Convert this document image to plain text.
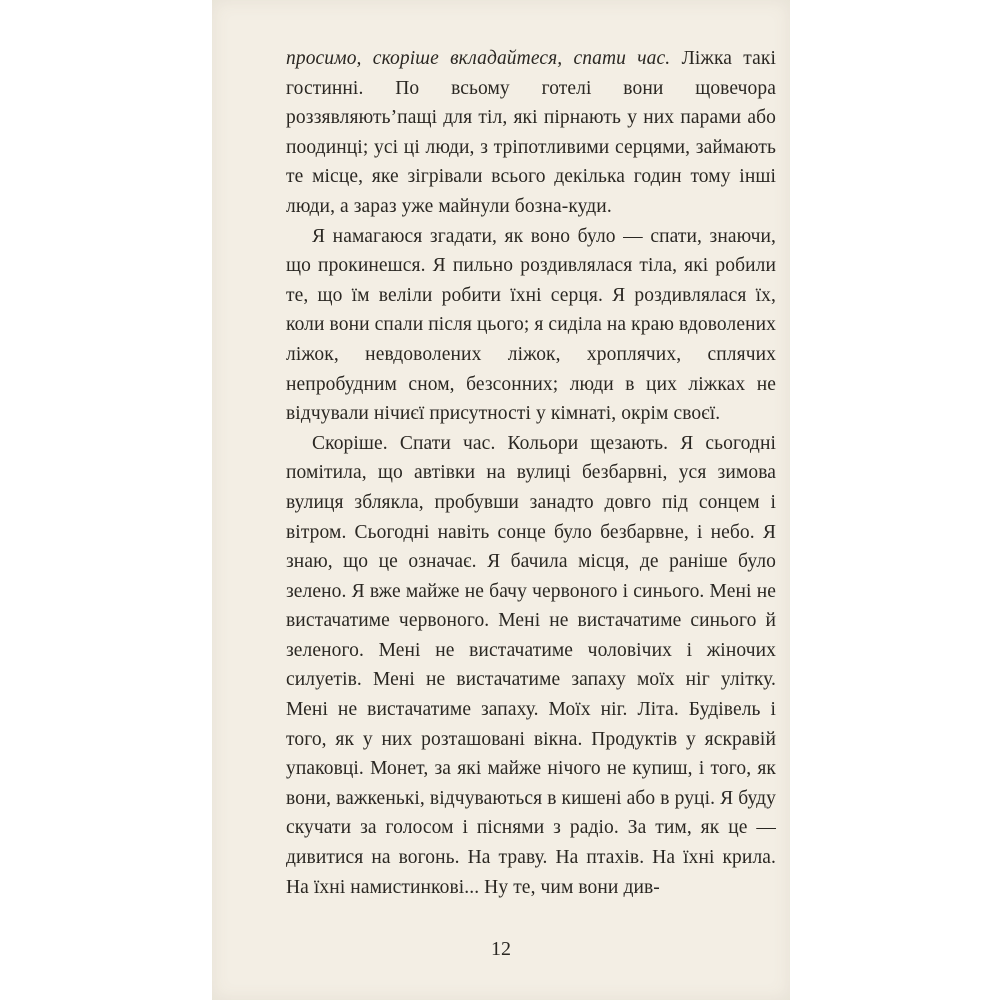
просимо, скоріше вкладайтеся, спати час. Ліжка такі гостинні. По всьому готелі вони щовечора роззявляють’пащі для тіл, які пірнають у них парами або поодинці; усі ці люди, з тріпотливими серцями, займають те місце, яке зігрівали всього декілька годин тому інші люди, а зараз уже майнули бозна-куди.

Я намагаюся згадати, як воно було — спати, знаючи, що прокинешся. Я пильно роздивлялася тіла, які робили те, що їм веліли робити їхні серця. Я роздивлялася їх, коли вони спали після цього; я сиділа на краю вдоволених ліжок, невдоволених ліжок, хроплячих, сплячих непробудним сном, безсонних; люди в цих ліжках не відчували нічиєї присутності у кімнаті, окрім своєї.

Скоріше. Спати час. Кольори щезають. Я сьогодні помітила, що автівки на вулиці безбарвні, уся зимова вулиця зблякла, пробувши занадто довго під сонцем і вітром. Сьогодні навіть сонце було безбарвне, і небо. Я знаю, що це означає. Я бачила місця, де раніше було зелено. Я вже майже не бачу червоного і синього. Мені не вистачатиме червоного. Мені не вистачатиме синього й зеленого. Мені не вистачатиме чоловічих і жіночих силуетів. Мені не вистачатиме запаху моїх ніг улітку. Мені не вистачатиме запаху. Моїх ніг. Літа. Будівель і того, як у них розташовані вікна. Продуктів у яскравій упаковці. Монет, за які майже нічого не купиш, і того, як вони, важкенькі, відчуваються в кишені або в руці. Я буду скучати за голосом і піснями з радіо. За тим, як це — дивитися на вогонь. На траву. На птахів. На їхні крила. На їхні намистинкові... Ну те, чим вони див-

12
